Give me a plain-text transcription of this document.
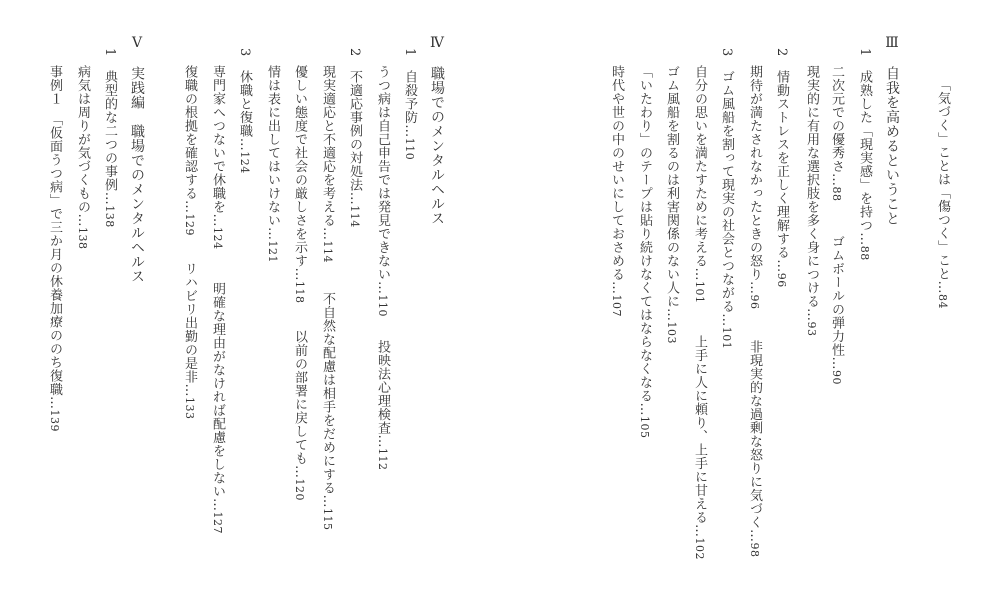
「気づく」ことは「傷つく」こと…84
Ⅲ　自我を高めるということ
1　成熟した「現実感」を持つ…88
二次元での優秀さ…88
ゴムボールの弾力性…90
現実的に有用な選択肢を多く身につける…93
2　情動ストレスを正しく理解する…96
期待が満たされなかったときの怒り…96
非現実的な過剰な怒りに気づく…98
3　ゴム風船を割って現実の社会とつながる…101
自分の思いを満たすために考える…101
上手に人に頼り、上手に甘える…102
ゴム風船を割るのは利害関係のない人に…103
「いたわり」のテープは貼り続けなくてはならなくなる…105
時代や世の中のせいにしておさめる…107
Ⅳ　職場でのメンタルヘルス
1　自殺予防…110
うつ病は自己申告では発見できない…110
投映法心理検査…112
2　不適応事例の対処法…114
現実適応と不適応を考える…114
不自然な配慮は相手をだめにする…115
優しい態度で社会の厳しさを示す…118
以前の部署に戻しても…120
情は表に出してはいけない…121
3　休職と復職…124
専門家へつないで休職を…124
明確な理由がなければ配慮をしない…127
復職の根拠を確認する…129
リハビリ出勤の是非…133
Ⅴ　実践編　職場でのメンタルヘルス
1　典型的な二つの事例…138
病気は周りが気づくもの…138
事例１　「仮面うつ病」で三か月の休養加療ののち復職…139
